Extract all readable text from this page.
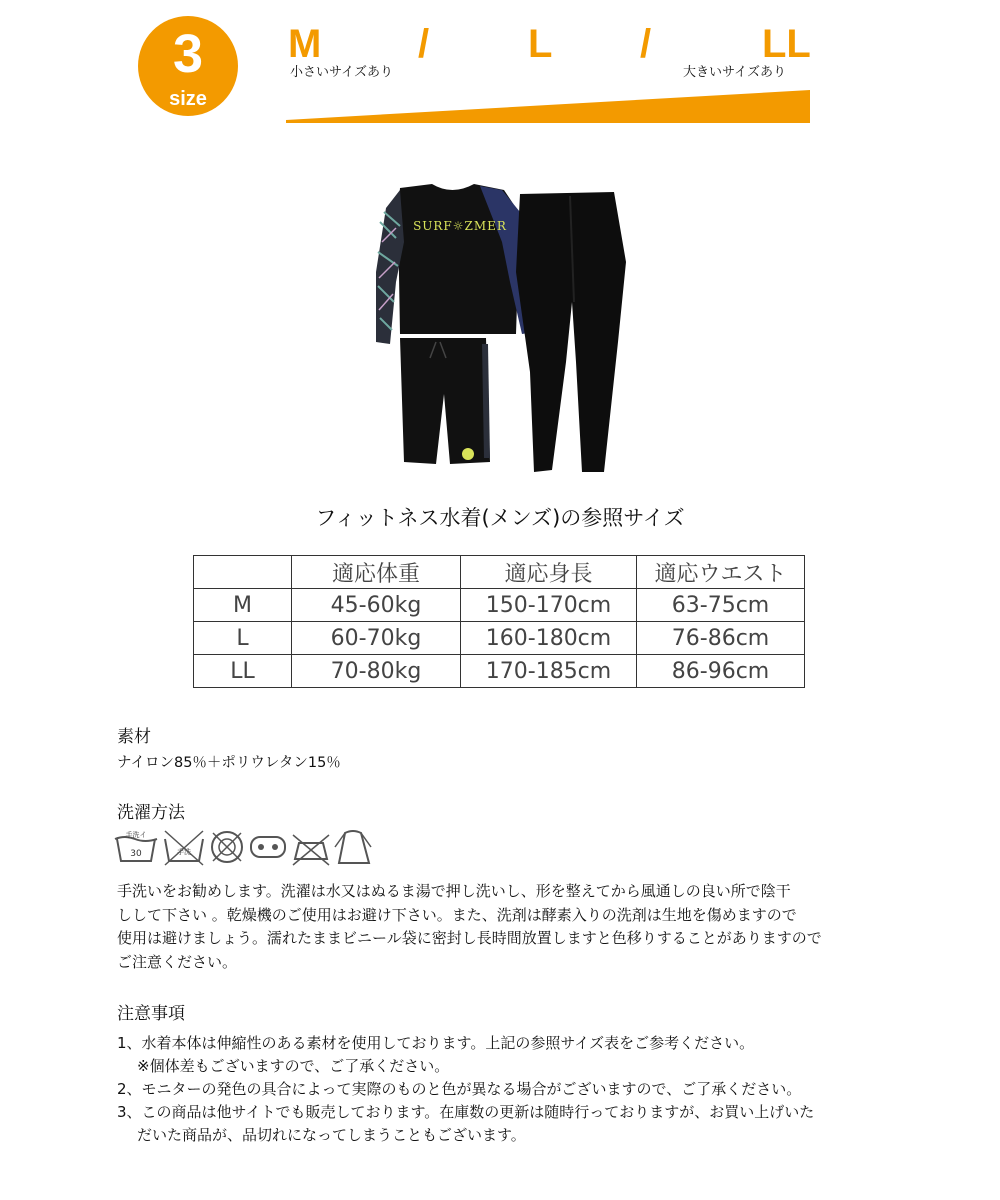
3
size
M / L /	LL
小さいサイズあり	大きいサイズあり
SURF☼ZMER
フィットネス水着(メンズ)の参照サイズ
	適応体重	適応身長	適応ウエスト
M	45-60kg	150-170cm	63-75cm
L	60-70kg	160-180cm	76-86cm
LL	70-80kg	170-185cm	86-96cm
素材
ナイロン85％＋ポリウレタン15％
洗濯方法
手洗イ
30	手洗
手洗いをお勧めします。洗濯は水又はぬるま湯で押し洗いし、形を整えてから風通しの良い所で陰干
しして下さい 。乾燥機のご使用はお避け下さい。また、洗剤は酵素入りの洗剤は生地を傷めますので
使用は避けましょう。濡れたままビニール袋に密封し長時間放置しますと色移りすることがありますので
ご注意ください。
注意事項
1、水着本体は伸縮性のある素材を使用しております。上記の参照サイズ表をご参考ください。
※個体差もございますので、ご了承ください。
2、モニターの発色の具合によって実際のものと色が異なる場合がございますので、ご了承ください。
3、この商品は他サイトでも販売しております。在庫数の更新は随時行っておりますが、お買い上げいた
だいた商品が、品切れになってしまうこともございます。
